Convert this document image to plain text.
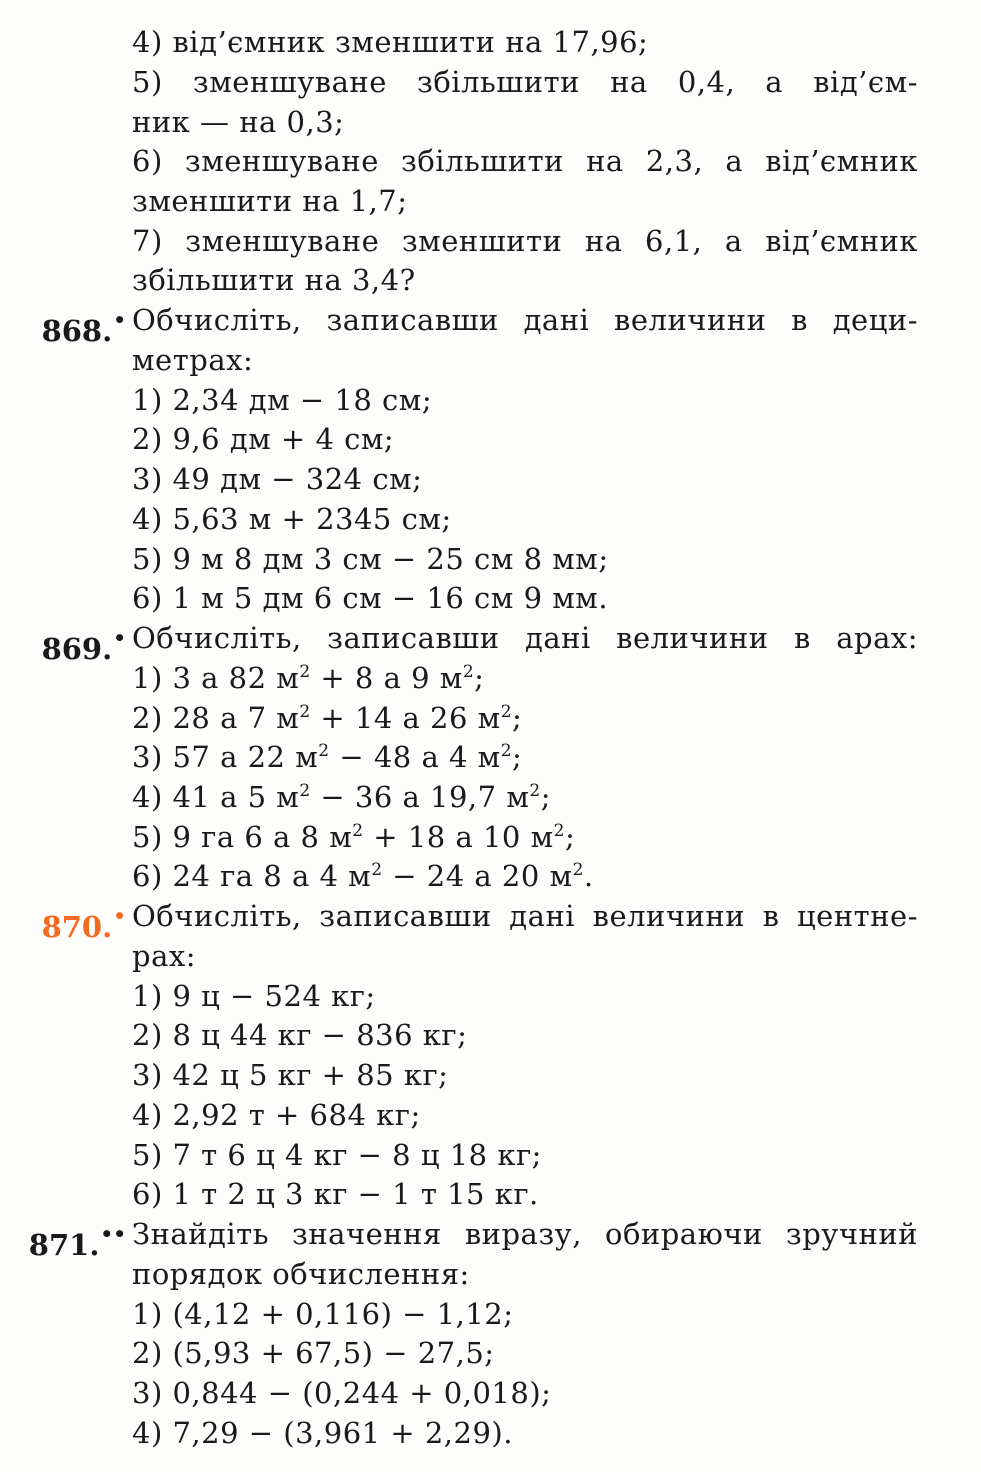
4) від’ємник зменшити на 17,96;
5) зменшуване збільшити на 0,4, а від’єм-
ник — на 0,3;
6) зменшуване збільшити на 2,3, а від’ємник
зменшити на 1,7;
7) зменшуване зменшити на 6,1, а від’ємник
збільшити на 3,4?
868.• Обчисліть, записавши дані величини в деци-
метрах:
1) 2,34 дм − 18 см;
2) 9,6 дм + 4 см;
3) 49 дм − 324 см;
4) 5,63 м + 2345 см;
5) 9 м 8 дм 3 см − 25 см 8 мм;
6) 1 м 5 дм 6 см − 16 см 9 мм.
869.• Обчисліть, записавши дані величини в арах:
1) 3 а 82 $м^2 + 8$ а 9 $м^2$;
2) 28 а 7 $м^2 + 14$ а 26 $м^2$;
3) 57 а 22 $м^2 - 48$ а 4 $м^2$;
4) 41 а 5 $м^2 - 36$ а 19,7 $м^2$;
5) 9 га 6 а 8 $м^2 + 18$ а 10 $м^2$;
6) 24 га 8 а 4 $м^2 - 24$ а 20 $м^2$.
870.• Обчисліть, записавши дані величини в центне-
рах:
1) 9 ц − 524 кг;
2) 8 ц 44 кг − 836 кг;
3) 42 ц 5 кг + 85 кг;
4) 2,92 т + 684 кг;
5) 7 т 6 ц 4 кг − 8 ц 18 кг;
6) 1 т 2 ц 3 кг − 1 т 15 кг.
871.•• Знайдіть значення виразу, обираючи зручний
порядок обчислення:
1) (4,12 + 0,116) − 1,12;
2) (5,93 + 67,5) − 27,5;
3) 0,844 − (0,244 + 0,018);
4) 7,29 − (3,961 + 2,29).
